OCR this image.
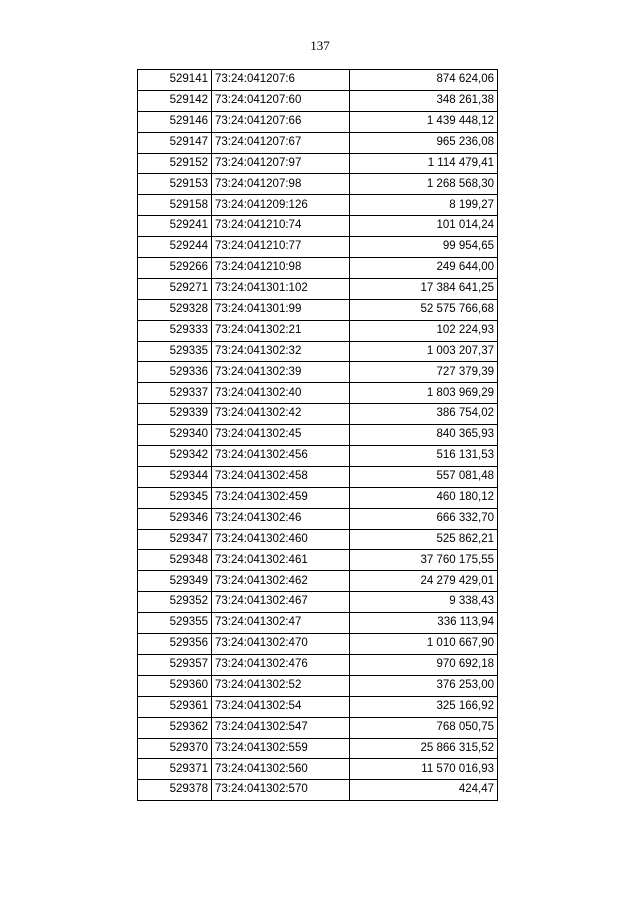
137
529141	73:24:041207:6	874 624,06
529142	73:24:041207:60	348 261,38
529146	73:24:041207:66	1 439 448,12
529147	73:24:041207:67	965 236,08
529152	73:24:041207:97	1 114 479,41
529153	73:24:041207:98	1 268 568,30
529158	73:24:041209:126	8 199,27
529241	73:24:041210:74	101 014,24
529244	73:24:041210:77	99 954,65
529266	73:24:041210:98	249 644,00
529271	73:24:041301:102	17 384 641,25
529328	73:24:041301:99	52 575 766,68
529333	73:24:041302:21	102 224,93
529335	73:24:041302:32	1 003 207,37
529336	73:24:041302:39	727 379,39
529337	73:24:041302:40	1 803 969,29
529339	73:24:041302:42	386 754,02
529340	73:24:041302:45	840 365,93
529342	73:24:041302:456	516 131,53
529344	73:24:041302:458	557 081,48
529345	73:24:041302:459	460 180,12
529346	73:24:041302:46	666 332,70
529347	73:24:041302:460	525 862,21
529348	73:24:041302:461	37 760 175,55
529349	73:24:041302:462	24 279 429,01
529352	73:24:041302:467	9 338,43
529355	73:24:041302:47	336 113,94
529356	73:24:041302:470	1 010 667,90
529357	73:24:041302:476	970 692,18
529360	73:24:041302:52	376 253,00
529361	73:24:041302:54	325 166,92
529362	73:24:041302:547	768 050,75
529370	73:24:041302:559	25 866 315,52
529371	73:24:041302:560	11 570 016,93
529378	73:24:041302:570	424,47
